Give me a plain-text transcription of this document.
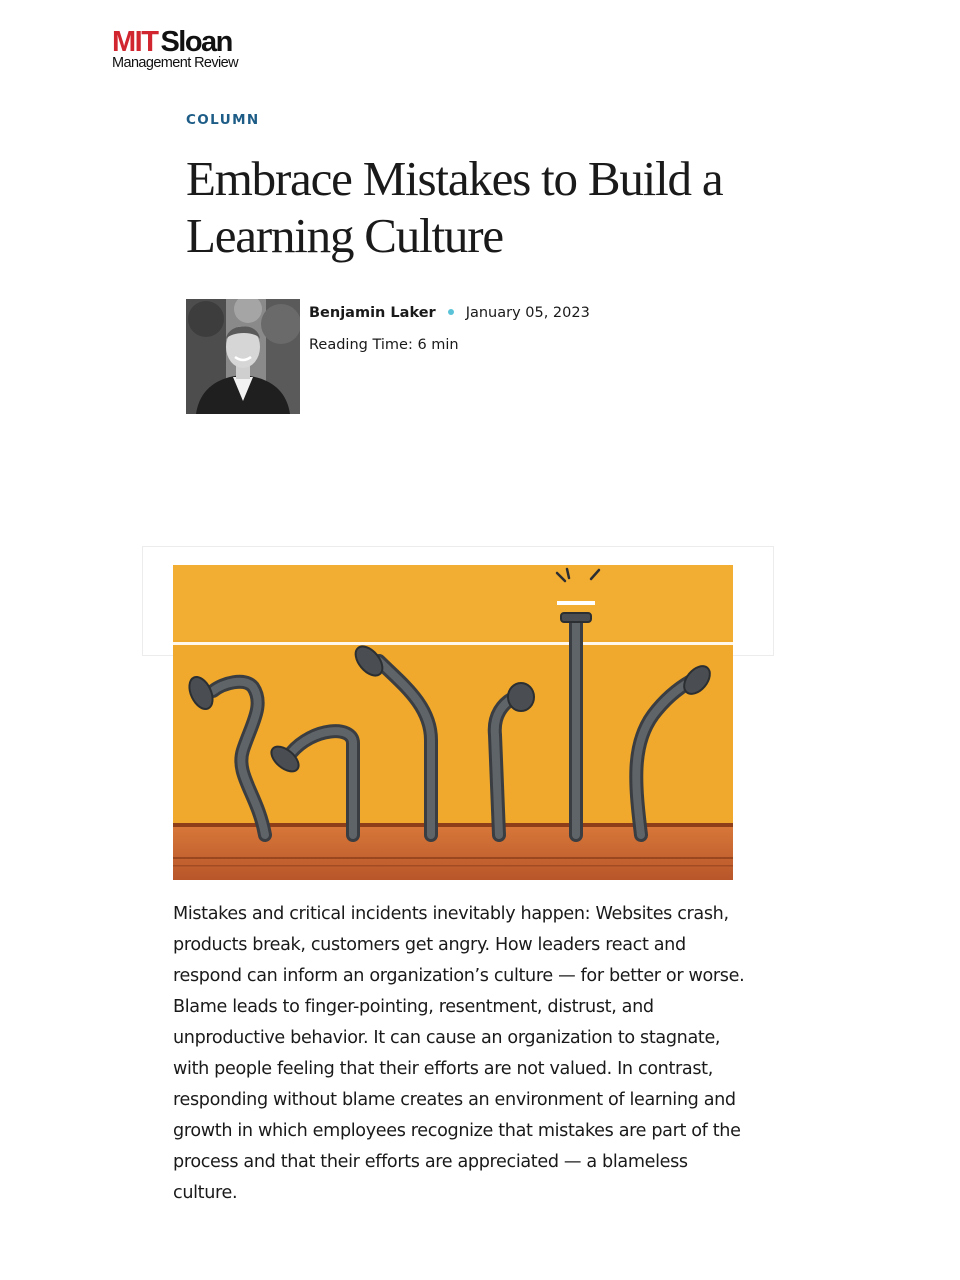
MIT Sloan
Management Review
COLUMN
Embrace Mistakes to Build a Learning Culture
Benjamin Laker January 05, 2023
Reading Time: 6 min

Mistakes and critical incidents inevitably happen: Websites crash, products break, customers get angry. How leaders react and respond can inform an organization’s culture — for better or worse. Blame leads to finger-pointing, resentment, distrust, and unproductive behavior. It can cause an organization to stagnate, with people feeling that their efforts are not valued. In contrast, responding without blame creates an environment of learning and growth in which employees recognize that mistakes are part of the process and that their efforts are appreciated — a blameless culture.
